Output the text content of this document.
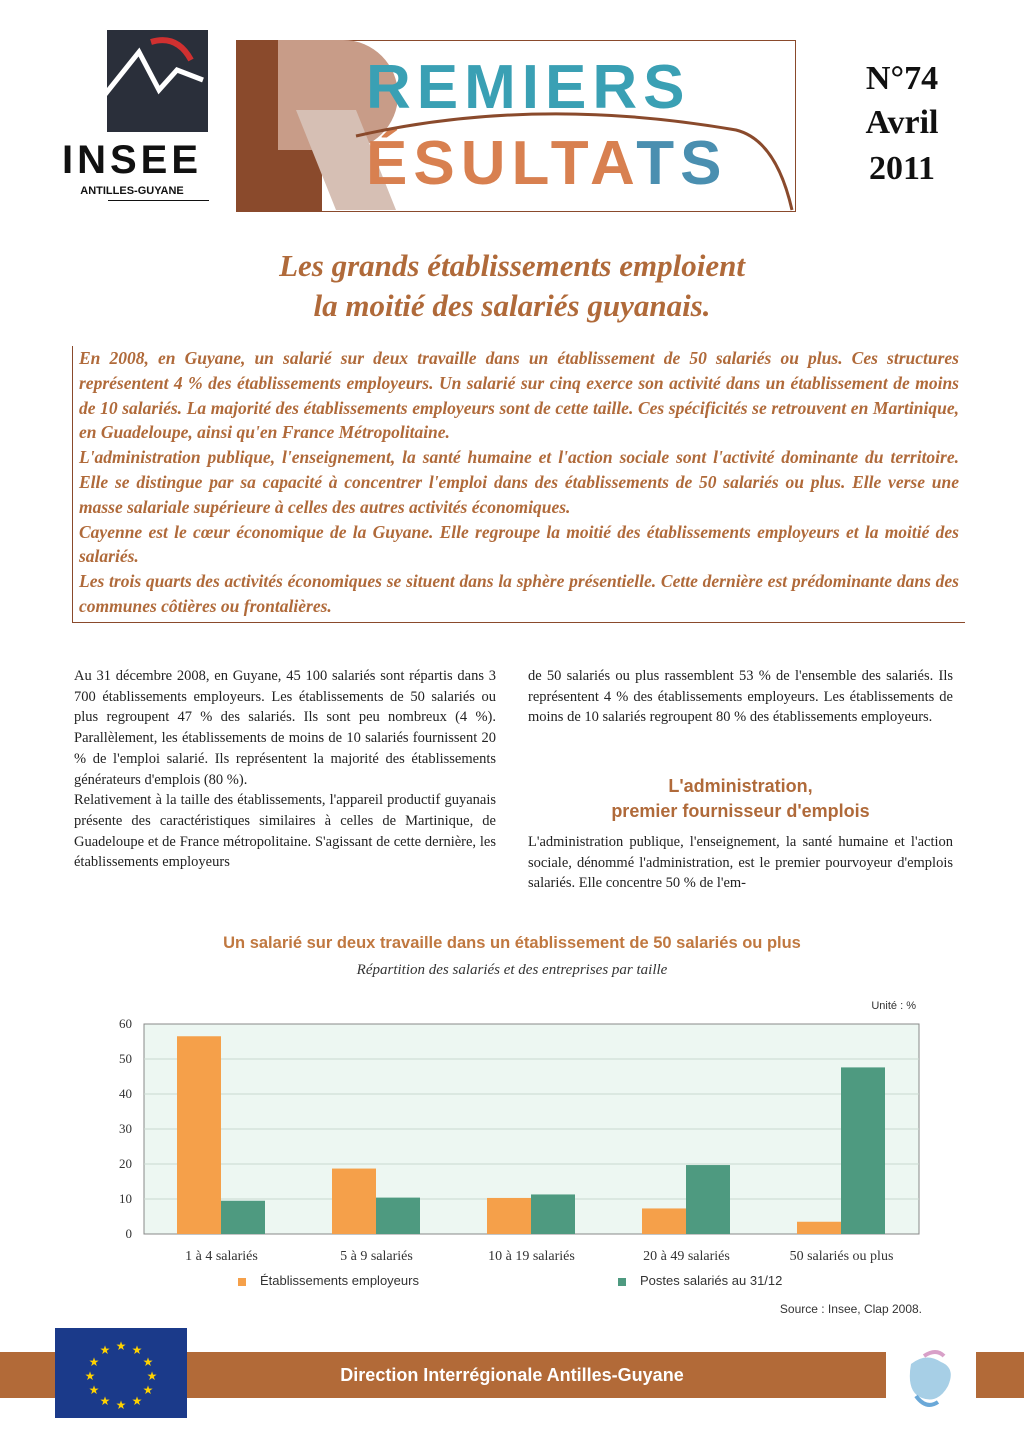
INSEE
ANTILLES-GUYANE
REMIERS
ÉSULTATS
N°74
Avril
2011
Les grands établissements emploient
la moitié des salariés guyanais.

En 2008, en Guyane, un salarié sur deux travaille dans un établissement de 50 salariés ou plus. Ces structures représentent 4 % des établissements employeurs. Un salarié sur cinq exerce son activité dans un établissement de moins de 10 salariés. La majorité des établissements employeurs sont de cette taille. Ces spécificités se retrouvent en Martinique, en Guadeloupe, ainsi qu'en France Métropolitaine.

L'administration publique, l'enseignement, la santé humaine et l'action sociale sont l'activité dominante du territoire. Elle se distingue par sa capacité à concentrer l'emploi dans des établissements de 50 salariés ou plus. Elle verse une masse salariale supérieure à celles des autres activités économiques.

Cayenne est le cœur économique de la Guyane. Elle regroupe la moitié des établissements employeurs et la moitié des salariés.

Les trois quarts des activités économiques se situent dans la sphère présentielle. Cette dernière est prédominante dans des communes côtières ou frontalières.

Au 31 décembre 2008, en Guyane, 45 100 salariés sont répartis dans 3 700 établissements employeurs. Les établissements de 50 salariés ou plus regroupent 47 % des salariés. Ils sont peu nombreux (4 %). Parallèlement, les établissements de moins de 10 salariés fournissent 20 % de l'emploi salarié. Ils représentent la majorité des établissements générateurs d'emplois (80 %).

Relativement à la taille des établissements, l'appareil productif guyanais présente des caractéristiques similaires à celles de Martinique, de Guadeloupe et de France métropolitaine. S'agissant de cette dernière, les établissements employeurs

de 50 salariés ou plus rassemblent 53 % de l'ensemble des salariés. Ils représentent 4 % des établissements employeurs. Les établissements de moins de 10 salariés regroupent 80 % des établissements employeurs.

L'administration,
premier fournisseur d'emplois

L'administration publique, l'enseignement, la santé humaine et l'action sociale, dénommé l'administration, est le premier pourvoyeur d'emplois salariés. Elle concentre 50 % de l'em-

Un salarié sur deux travaille dans un établissement de 50 salariés ou plus
Répartition des salariés et des entreprises par taille
Unité : %
0
10
20
30
40
50
60
1 à 4 salariés	5 à 9 salariés	10 à 19 salariés	20 à 49 salariés	50 salariés ou plus
Établissements employeurs	Postes salariés au 31/12
Source : Insee, Clap 2008.
Direction Interrégionale Antilles-Guyane
★ ★
★
★
★
★
★
★
★
★
★
★
